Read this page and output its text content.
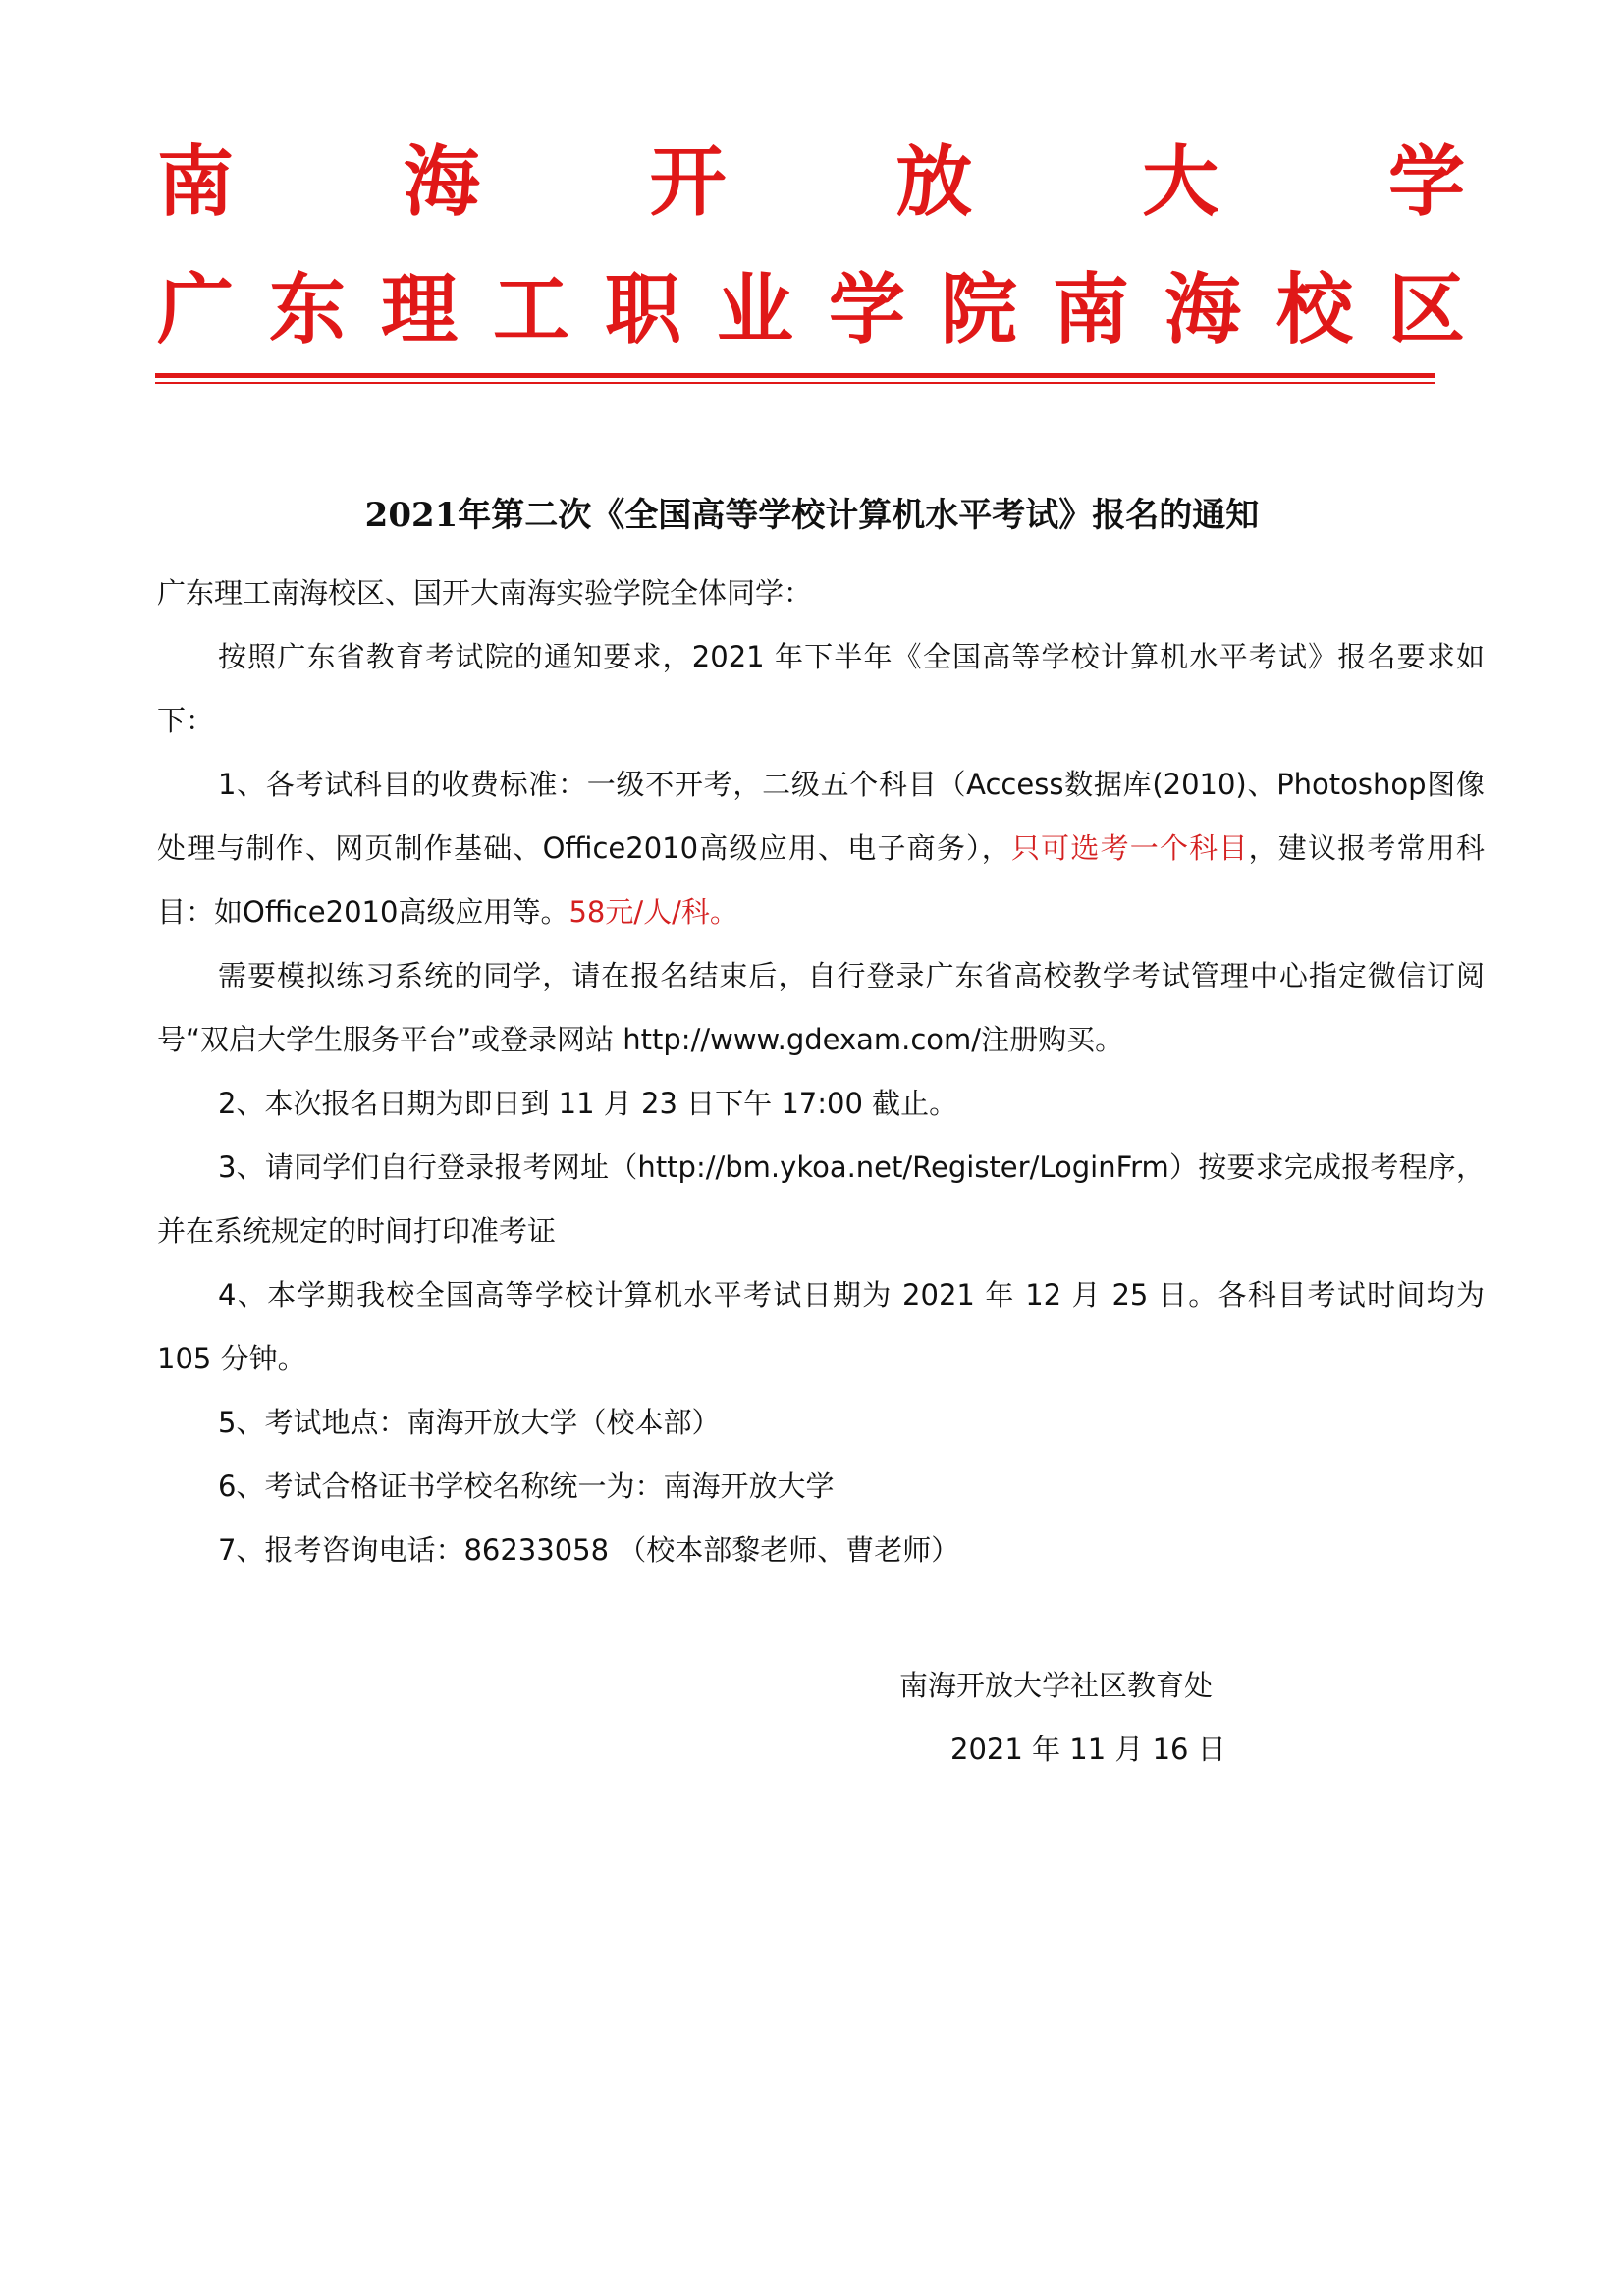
南 海 开 放 大 学
广 东 理 工 职 业 学 院 南 海 校 区
2021年第二次《全国高等学校计算机水平考试》报名的通知

广东理工南海校区、国开大南海实验学院全体同学：

按照广东省教育考试院的通知要求，2021 年下半年《全国高等学校计算机水平考试》报名要求如下：

1、各考试科目的收费标准：一级不开考，二级五个科目（Access数据库(2010)、Photoshop图像处理与制作、网页制作基础、Office2010高级应用、电子商务），只可选考一个科目，建议报考常用科目：如Office2010高级应用等。58元/人/科。

需要模拟练习系统的同学，请在报名结束后，自行登录广东省高校教学考试管理中心指定微信订阅号“双启大学生服务平台”或登录网站 http://www.gdexam.com/注册购买。

2、本次报名日期为即日到 11 月 23 日下午 17:00 截止。

3、请同学们自行登录报考网址（http://bm.ykoa.net/Register/LoginFrm）按要求完成报考程序，并在系统规定的时间打印准考证

4、本学期我校全国高等学校计算机水平考试日期为 2021 年 12 月 25 日。各科目考试时间均为 105 分钟。

5、考试地点：南海开放大学（校本部）

6、考试合格证书学校名称统一为：南海开放大学

7、报考咨询电话：86233058 （校本部黎老师、曹老师）

南海开放大学社区教育处
2021 年 11 月 16 日
